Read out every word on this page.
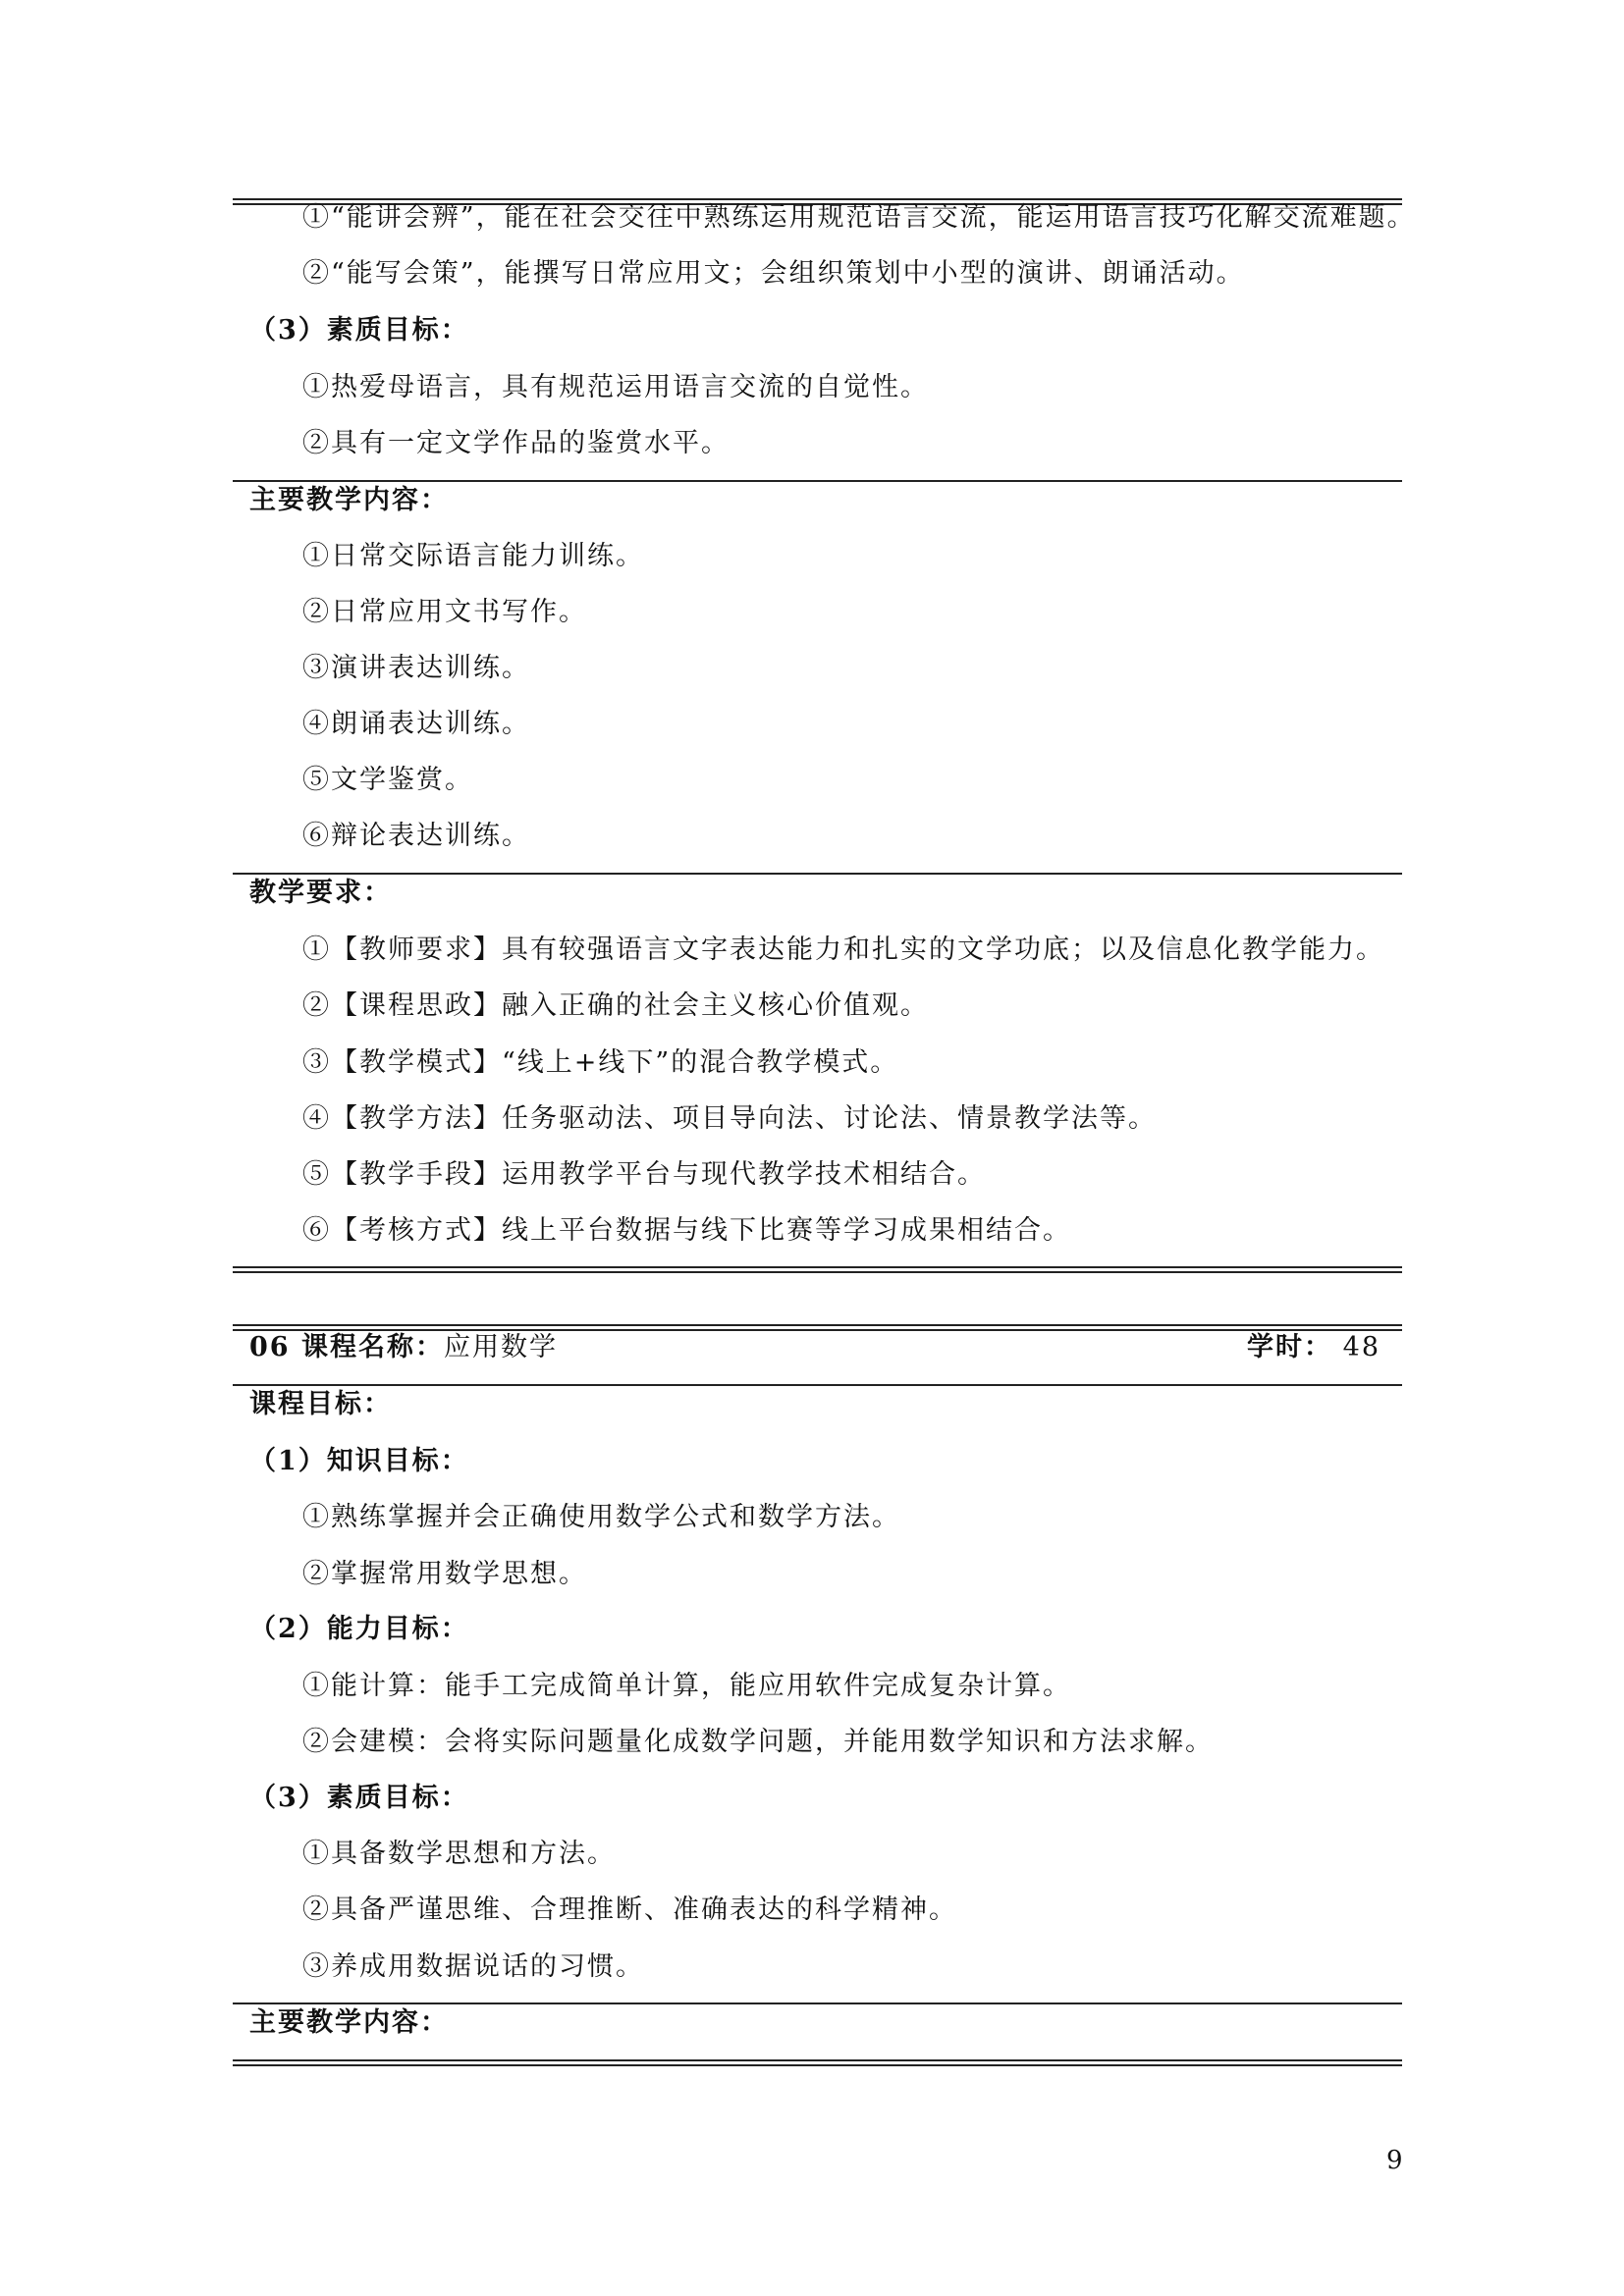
①“能讲会辨”，能在社会交往中熟练运用规范语言交流，能运用语言技巧化解交流难题。
②“能写会策”，能撰写日常应用文；会组织策划中小型的演讲、朗诵活动。
（3）素质目标：
①热爱母语言，具有规范运用语言交流的自觉性。
②具有一定文学作品的鉴赏水平。
主要教学内容：
①日常交际语言能力训练。
②日常应用文书写作。
③演讲表达训练。
④朗诵表达训练。
⑤文学鉴赏。
⑥辩论表达训练。
教学要求：
①【教师要求】具有较强语言文字表达能力和扎实的文学功底；以及信息化教学能力。
②【课程思政】融入正确的社会主义核心价值观。
③【教学模式】“线上+线下”的混合教学模式。
④【教学方法】任务驱动法、项目导向法、讨论法、情景教学法等。
⑤【教学手段】运用教学平台与现代教学技术相结合。
⑥【考核方式】线上平台数据与线下比赛等学习成果相结合。
06 课程名称：应用数学	学时： 48
课程目标：
（1）知识目标：
①熟练掌握并会正确使用数学公式和数学方法。
②掌握常用数学思想。
（2）能力目标：
①能计算：能手工完成简单计算，能应用软件完成复杂计算。
②会建模：会将实际问题量化成数学问题，并能用数学知识和方法求解。
（3）素质目标：
①具备数学思想和方法。
②具备严谨思维、合理推断、准确表达的科学精神。
③养成用数据说话的习惯。
主要教学内容：
9
